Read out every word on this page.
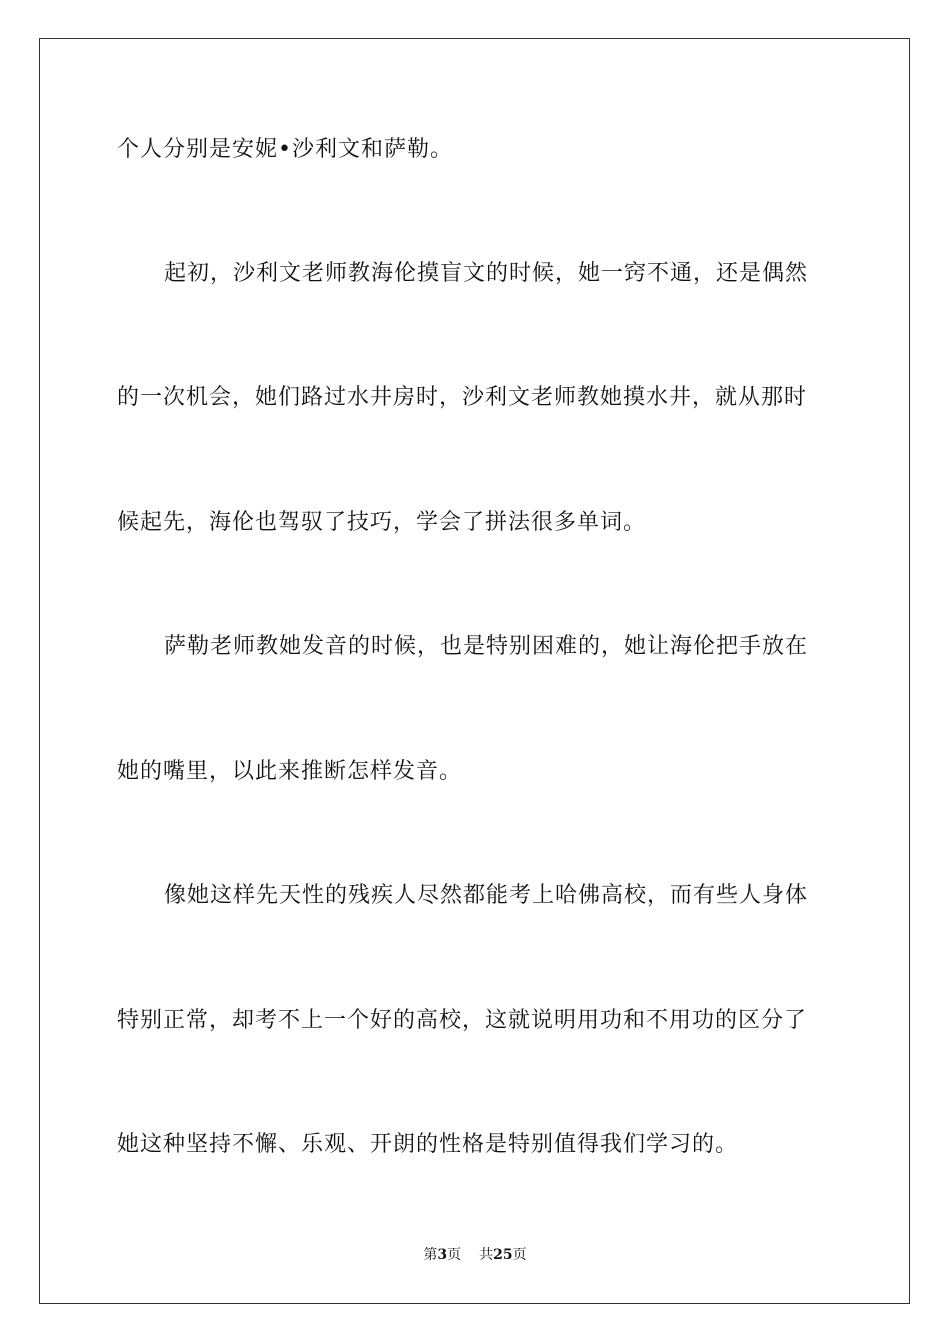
个人分别是安妮•沙利文和萨勒。
起初，沙利文老师教海伦摸盲文的时候，她一窍不通，还是偶然
的一次机会，她们路过水井房时，沙利文老师教她摸水井，就从那时
候起先，海伦也驾驭了技巧，学会了拼法很多单词。
萨勒老师教她发音的时候，也是特别困难的，她让海伦把手放在
她的嘴里，以此来推断怎样发音。
像她这样先天性的残疾人尽然都能考上哈佛高校，而有些人身体
特别正常，却考不上一个好的高校，这就说明用功和不用功的区分了
她这种坚持不懈、乐观、开朗的性格是特别值得我们学习的。
第3页 共25页
